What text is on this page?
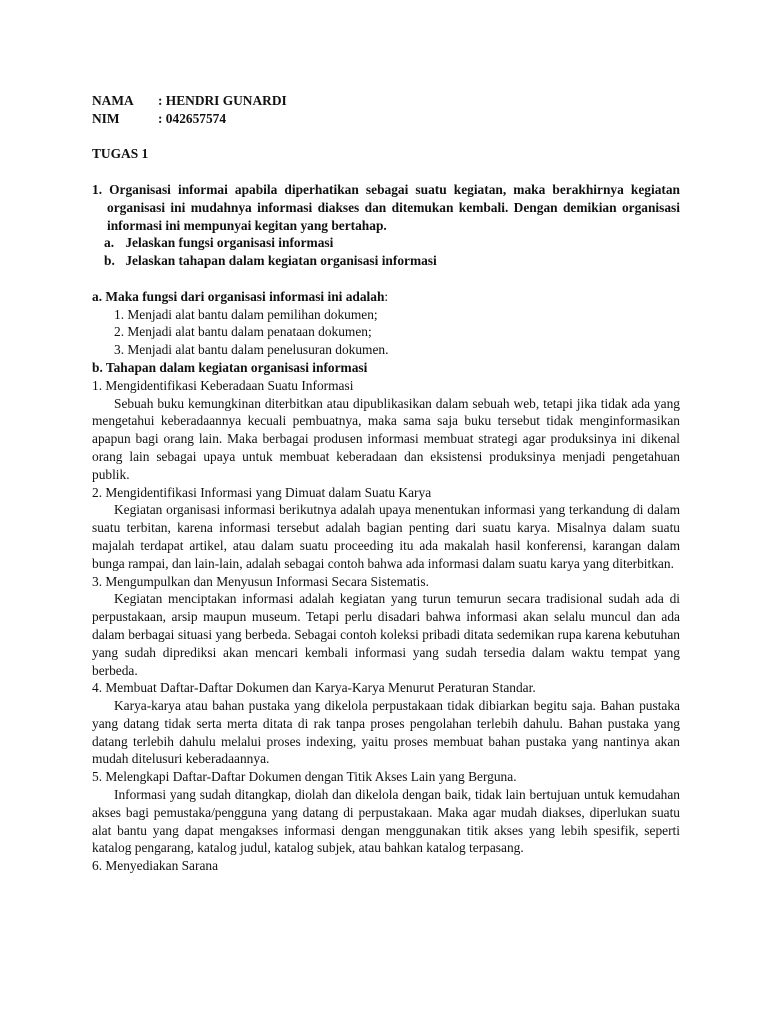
NAMA	: HENDRI GUNARDI
NIM	: 042657574

TUGAS 1

1. Organisasi informai apabila diperhatikan sebagai suatu kegiatan, maka berakhirnya kegiatan organisasi ini mudahnya informasi diakses dan ditemukan kembali. Dengan demikian organisasi informasi ini mempunyai kegitan yang bertahap.

a. Jelaskan fungsi organisasi informasi

b. Jelaskan tahapan dalam kegiatan organisasi informasi

a. Maka fungsi dari organisasi informasi ini adalah:

1. Menjadi alat bantu dalam pemilihan dokumen;

2. Menjadi alat bantu dalam penataan dokumen;

3. Menjadi alat bantu dalam penelusuran dokumen.

b. Tahapan dalam kegiatan organisasi informasi

1. Mengidentifikasi Keberadaan Suatu Informasi

Sebuah buku kemungkinan diterbitkan atau dipublikasikan dalam sebuah web, tetapi jika tidak ada yang mengetahui keberadaannya kecuali pembuatnya, maka sama saja buku tersebut tidak menginformasikan apapun bagi orang lain. Maka berbagai produsen informasi membuat strategi agar produksinya ini dikenal orang lain sebagai upaya untuk membuat keberadaan dan eksistensi produksinya menjadi pengetahuan publik.

2. Mengidentifikasi Informasi yang Dimuat dalam Suatu Karya

Kegiatan organisasi informasi berikutnya adalah upaya menentukan informasi yang terkandung di dalam suatu terbitan, karena informasi tersebut adalah bagian penting dari suatu karya. Misalnya dalam suatu majalah terdapat artikel, atau dalam suatu proceeding itu ada makalah hasil konferensi, karangan dalam bunga rampai, dan lain-lain, adalah sebagai contoh bahwa ada informasi dalam suatu karya yang diterbitkan.

3. Mengumpulkan dan Menyusun Informasi Secara Sistematis.

Kegiatan menciptakan informasi adalah kegiatan yang turun temurun secara tradisional sudah ada di perpustakaan, arsip maupun museum. Tetapi perlu disadari bahwa informasi akan selalu muncul dan ada dalam berbagai situasi yang berbeda. Sebagai contoh koleksi pribadi ditata sedemikan rupa karena kebutuhan yang sudah diprediksi akan mencari kembali informasi yang sudah tersedia dalam waktu tempat yang berbeda.

4. Membuat Daftar-Daftar Dokumen dan Karya-Karya Menurut Peraturan Standar.

Karya-karya atau bahan pustaka yang dikelola perpustakaan tidak dibiarkan begitu saja. Bahan pustaka yang datang tidak serta merta ditata di rak tanpa proses pengolahan terlebih dahulu. Bahan pustaka yang datang terlebih dahulu melalui proses indexing, yaitu proses membuat bahan pustaka yang nantinya akan mudah ditelusuri keberadaannya.

5. Melengkapi Daftar-Daftar Dokumen dengan Titik Akses Lain yang Berguna.

Informasi yang sudah ditangkap, diolah dan dikelola dengan baik, tidak lain bertujuan untuk kemudahan akses bagi pemustaka/pengguna yang datang di perpustakaan. Maka agar mudah diakses, diperlukan suatu alat bantu yang dapat mengakses informasi dengan menggunakan titik akses yang lebih spesifik, seperti katalog pengarang, katalog judul, katalog subjek, atau bahkan katalog terpasang.

6. Menyediakan Sarana
